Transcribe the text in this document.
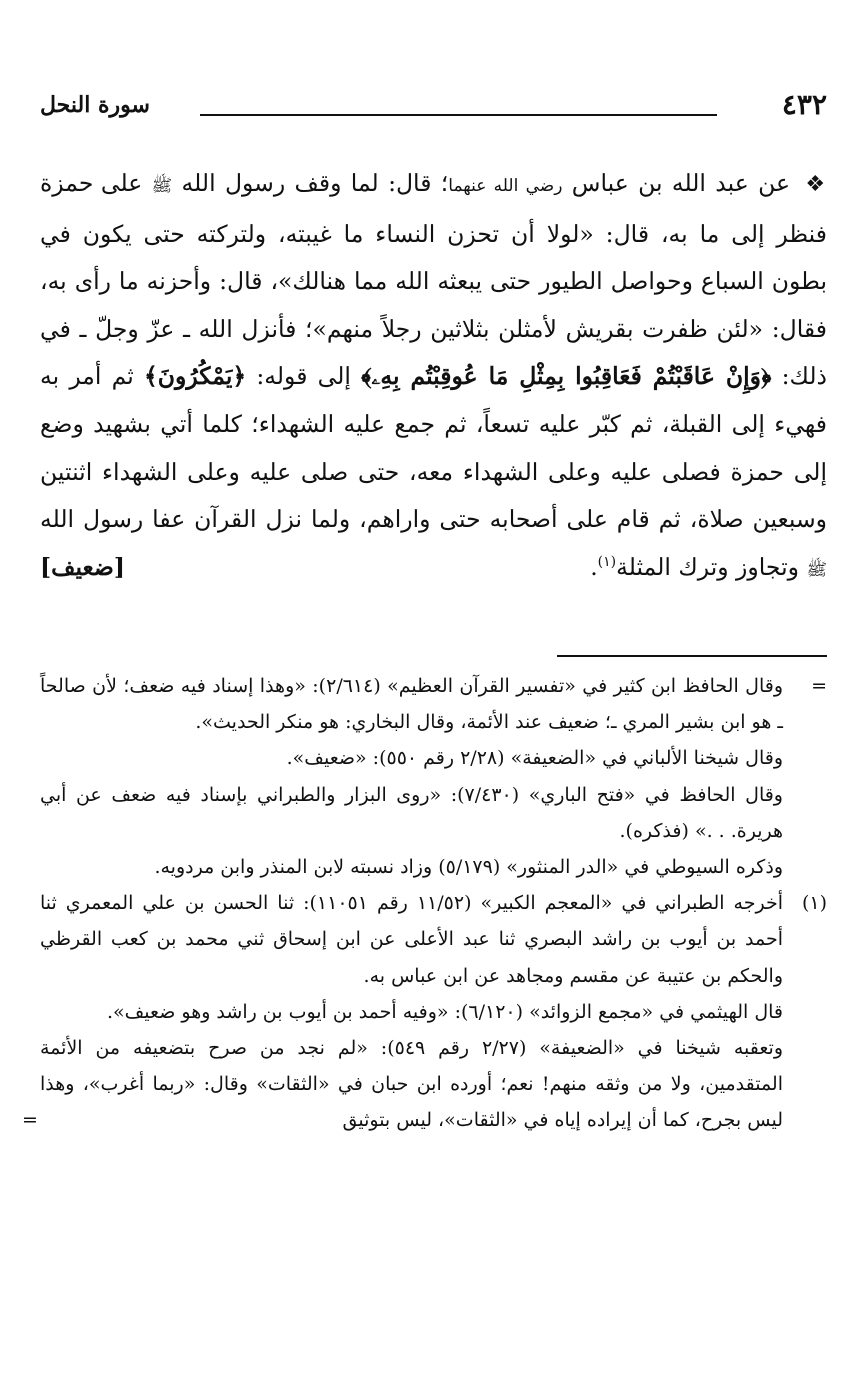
٤٣٢
سورة النحل

❖ عن عبد الله بن عباس رضي الله عنهما؛ قال: لما وقف رسول الله ﷺ على حمزة فنظر إلى ما به، قال: «لولا أن تحزن النساء ما غيبته، ولتركته حتى يكون في بطون السباع وحواصل الطيور حتى يبعثه الله مما هنالك»، قال: وأحزنه ما رأى به، فقال: «لئن ظفرت بقريش لأمثلن بثلاثين رجلاً منهم»؛ فأنزل الله ـ عزّ وجلّ ـ في ذلك: ﴿وَإِنْ عَاقَبْتُمْ فَعَاقِبُوا بِمِثْلِ مَا عُوقِبْتُم بِهِۦ﴾ إلى قوله: ﴿يَمْكُرُونَ﴾ ثم أمر به فهيء إلى القبلة، ثم كبّر عليه تسعاً، ثم جمع عليه الشهداء؛ كلما أتي بشهيد وضع إلى حمزة فصلى عليه وعلى الشهداء معه، حتى صلى عليه وعلى الشهداء اثنتين وسبعين صلاة، ثم قام على أصحابه حتى واراهم، ولما نزل القرآن عفا رسول الله ﷺ وتجاوز وترك المثلة$^{(١)}$.
[ضعيف]

=

وقال الحافظ ابن كثير في «تفسير القرآن العظيم» (٢/٦١٤): «وهذا إسناد فيه ضعف؛ لأن صالحاً ـ هو ابن بشير المري ـ؛ ضعيف عند الأئمة، وقال البخاري: هو منكر الحديث».

وقال شيخنا الألباني في «الضعيفة» (٢/٢٨ رقم ٥٥٠): «ضعيف».

وقال الحافظ في «فتح الباري» (٧/٤٣٠): «روى البزار والطبراني بإسناد فيه ضعف عن أبي هريرة. . .» (فذكره).

وذكره السيوطي في «الدر المنثور» (٥/١٧٩) وزاد نسبته لابن المنذر وابن مردويه.

(١)

أخرجه الطبراني في «المعجم الكبير» (١١/٥٢ رقم ١١٠٥١): ثنا الحسن بن علي المعمري ثنا أحمد بن أيوب بن راشد البصري ثنا عبد الأعلى عن ابن إسحاق ثني محمد بن كعب القرظي والحكم بن عتيبة عن مقسم ومجاهد عن ابن عباس به.

قال الهيثمي في «مجمع الزوائد» (٦/١٢٠): «وفيه أحمد بن أيوب بن راشد وهو ضعيف».

وتعقبه شيخنا في «الضعيفة» (٢/٢٧ رقم ٥٤٩): «لم نجد من صرح بتضعيفه من الأئمة المتقدمين، ولا من وثقه منهم! نعم؛ أورده ابن حبان في «الثقات» وقال: «ربما أغرب»، وهذا ليس بجرح، كما أن إيراده إياه في «الثقات»، ليس بتوثيق
=
